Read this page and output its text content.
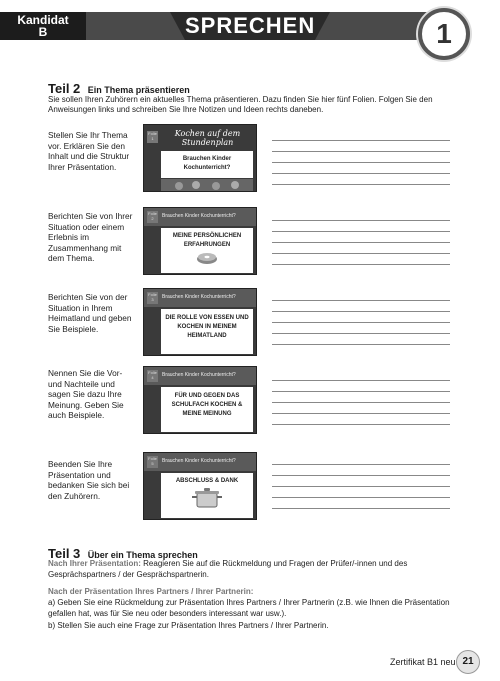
Kandidat
B	SPRECHEN	1
Teil 2 Ein Thema präsentieren
Sie sollen Ihren Zuhörern ein aktuelles Thema präsentieren. Dazu finden Sie hier fünf Folien. Folgen Sie den Anweisungen links und schreiben Sie Ihre Notizen und Ideen rechts daneben.
Stellen Sie Ihr Thema vor. Erklären Sie den Inhalt und die Struktur Ihrer Präsentation.
Folie 1
Kochen auf dem Stundenplan
Brauchen Kinder Kochunterricht?
Berichten Sie von Ihrer Situation oder einem Erlebnis im Zusammenhang mit dem Thema.
Folie 2	Brauchen Kinder Kochunterricht?
MEINE PERSÖNLICHEN ERFAHRUNGEN
Berichten Sie von der Situation in Ihrem Heimatland und geben Sie Beispiele.
Folie 3	Brauchen Kinder Kochunterricht?
DIE ROLLE VON ESSEN UND KOCHEN IN MEINEM HEIMATLAND
Nennen Sie die Vor- und Nachteile und sagen Sie dazu Ihre Meinung. Geben Sie auch Beispiele.
Folie 4	Brauchen Kinder Kochunterricht?
FÜR UND GEGEN DAS SCHULFACH KOCHEN & MEINE MEINUNG
Beenden Sie Ihre Präsentation und bedanken Sie sich bei den Zuhörern.
Folie 5	Brauchen Kinder Kochunterricht?
ABSCHLUSS & DANK
Teil 3 Über ein Thema sprechen
Nach Ihrer Präsentation: Reagieren Sie auf die Rückmeldung und Fragen der Prüfer/-innen und des Gesprächspartners / der Gesprächspartnerin.
Nach der Präsentation Ihres Partners / Ihrer Partnerin:
a) Geben Sie eine Rückmeldung zur Präsentation Ihres Partners / Ihrer Partnerin (z.B. wie Ihnen die Präsentation gefallen hat, was für Sie neu oder besonders interessant war usw.).
b) Stellen Sie auch eine Frage zur Präsentation Ihres Partners / Ihrer Partnerin.
Zertifikat B1 neu 21
